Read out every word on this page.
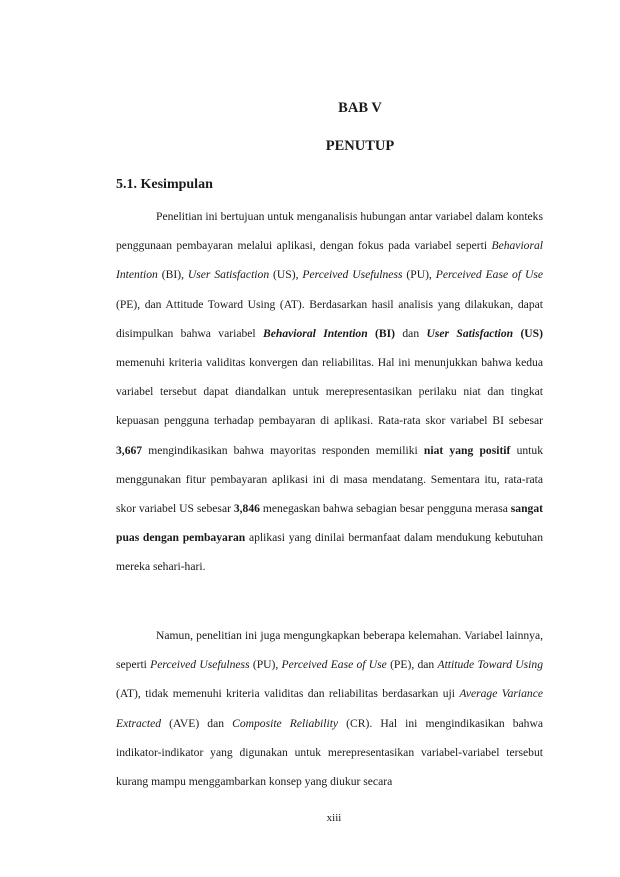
BAB V
PENUTUP
5.1. Kesimpulan

Penelitian ini bertujuan untuk menganalisis hubungan antar variabel dalam konteks penggunaan pembayaran melalui aplikasi, dengan fokus pada variabel seperti Behavioral Intention (BI), User Satisfaction (US), Perceived Usefulness (PU), Perceived Ease of Use (PE), dan Attitude Toward Using (AT). Berdasarkan hasil analisis yang dilakukan, dapat disimpulkan bahwa variabel Behavioral Intention (BI) dan User Satisfaction (US) memenuhi kriteria validitas konvergen dan reliabilitas. Hal ini menunjukkan bahwa kedua variabel tersebut dapat diandalkan untuk merepresentasikan perilaku niat dan tingkat kepuasan pengguna terhadap pembayaran di aplikasi. Rata-rata skor variabel BI sebesar 3,667 mengindikasikan bahwa mayoritas responden memiliki niat yang positif untuk menggunakan fitur pembayaran aplikasi ini di masa mendatang. Sementara itu, rata-rata skor variabel US sebesar 3,846 menegaskan bahwa sebagian besar pengguna merasa sangat puas dengan pembayaran aplikasi yang dinilai bermanfaat dalam mendukung kebutuhan mereka sehari-hari.

Namun, penelitian ini juga mengungkapkan beberapa kelemahan. Variabel lainnya, seperti Perceived Usefulness (PU), Perceived Ease of Use (PE), dan Attitude Toward Using (AT), tidak memenuhi kriteria validitas dan reliabilitas berdasarkan uji Average Variance Extracted (AVE) dan Composite Reliability (CR). Hal ini mengindikasikan bahwa indikator-indikator yang digunakan untuk merepresentasikan variabel-variabel tersebut kurang mampu menggambarkan konsep yang diukur secara

xiii
